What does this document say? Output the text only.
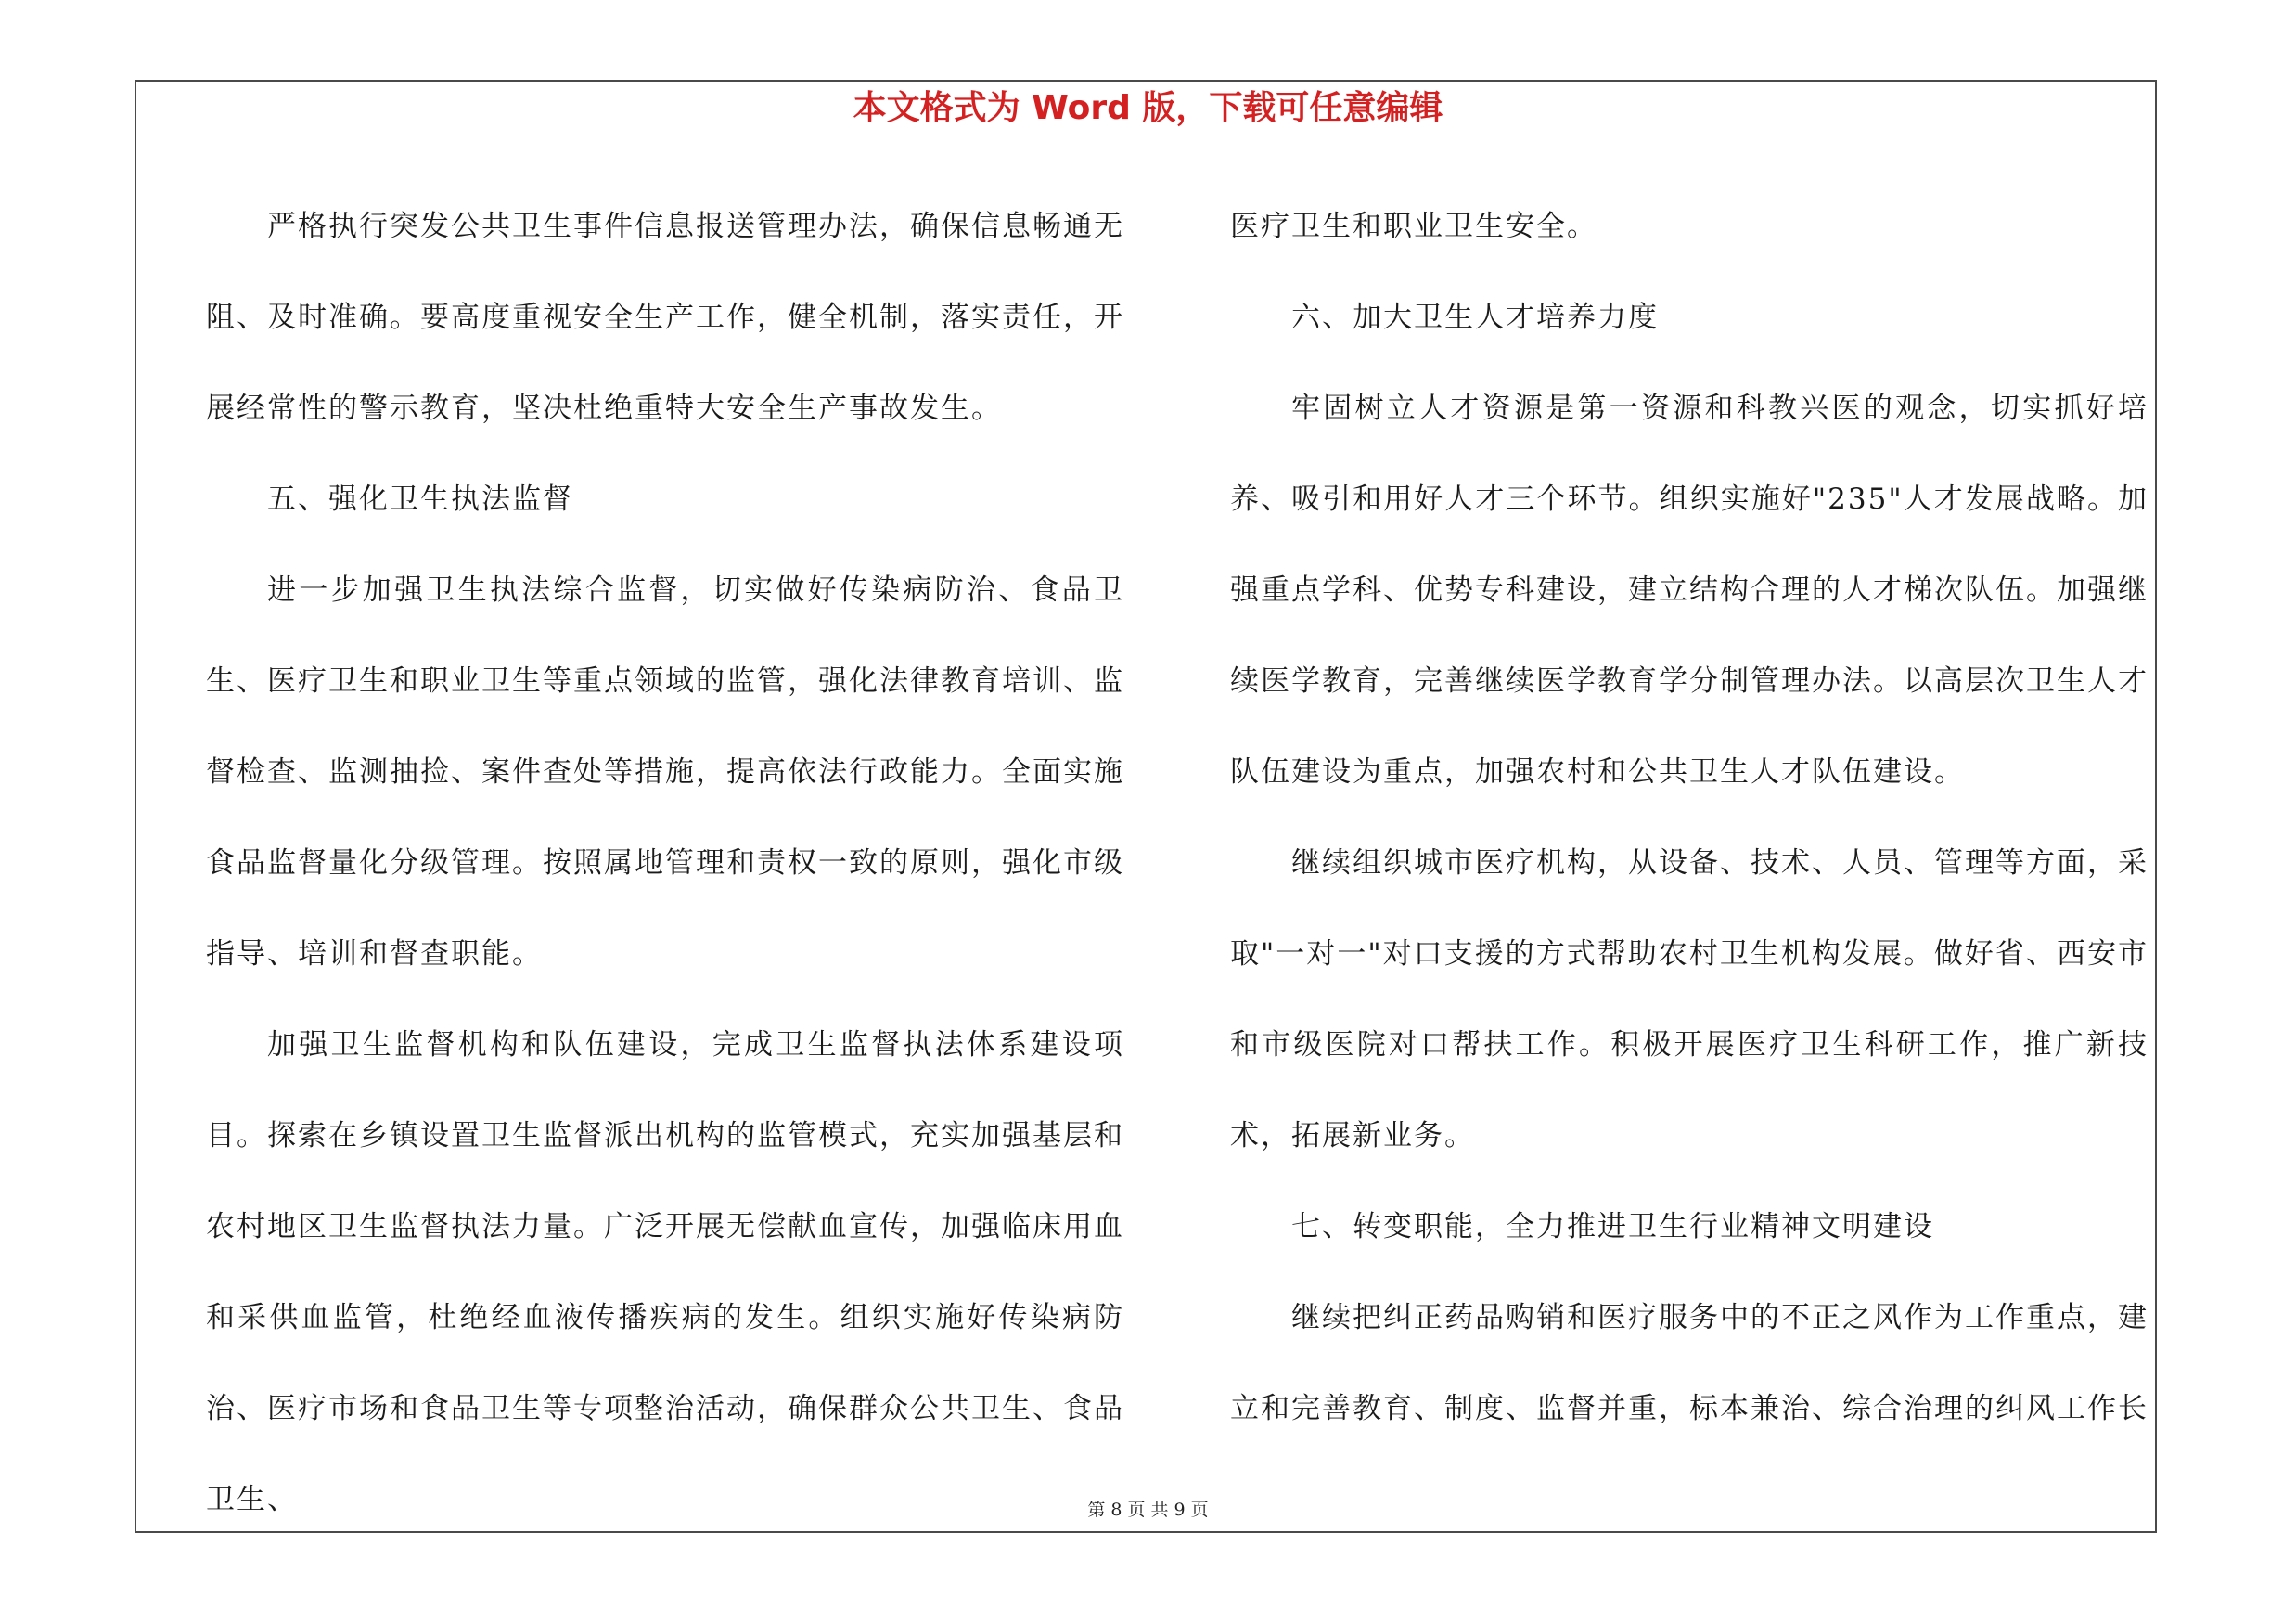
本文格式为 Word 版，下载可任意编辑

严格执行突发公共卫生事件信息报送管理办法，确保信息畅通无阻、及时准确。要高度重视安全生产工作，健全机制，落实责任，开展经常性的警示教育，坚决杜绝重特大安全生产事故发生。

五、强化卫生执法监督

进一步加强卫生执法综合监督，切实做好传染病防治、食品卫生、医疗卫生和职业卫生等重点领域的监管，强化法律教育培训、监督检查、监测抽捡、案件查处等措施，提高依法行政能力。全面实施食品监督量化分级管理。按照属地管理和责权一致的原则，强化市级指导、培训和督查职能。

加强卫生监督机构和队伍建设，完成卫生监督执法体系建设项目。探索在乡镇设置卫生监督派出机构的监管模式，充实加强基层和农村地区卫生监督执法力量。广泛开展无偿献血宣传，加强临床用血和采供血监管，杜绝经血液传播疾病的发生。组织实施好传染病防治、医疗市场和食品卫生等专项整治活动，确保群众公共卫生、食品卫生、

医疗卫生和职业卫生安全。

六、加大卫生人才培养力度

牢固树立人才资源是第一资源和科教兴医的观念，切实抓好培养、吸引和用好人才三个环节。组织实施好"235"人才发展战略。加强重点学科、优势专科建设，建立结构合理的人才梯次队伍。加强继续医学教育，完善继续医学教育学分制管理办法。以高层次卫生人才队伍建设为重点，加强农村和公共卫生人才队伍建设。

继续组织城市医疗机构，从设备、技术、人员、管理等方面，采取"一对一"对口支援的方式帮助农村卫生机构发展。做好省、西安市和市级医院对口帮扶工作。积极开展医疗卫生科研工作，推广新技术，拓展新业务。

七、转变职能，全力推进卫生行业精神文明建设

继续把纠正药品购销和医疗服务中的不正之风作为工作重点，建立和完善教育、制度、监督并重，标本兼治、综合治理的纠风工作长

第 8 页 共 9 页
